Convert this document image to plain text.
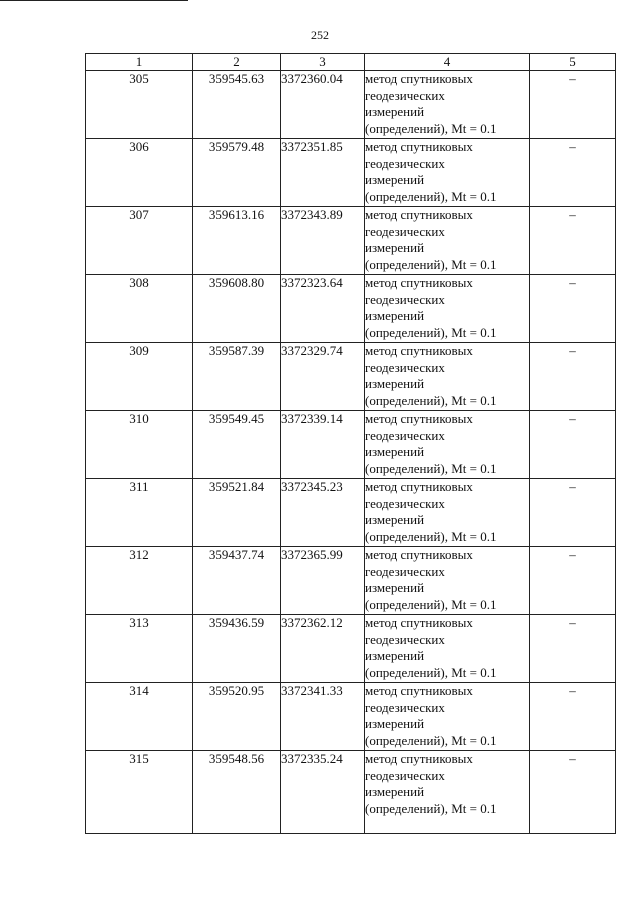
252
1	2	3	4	5
305	359545.63	3372360.04	метод спутниковых
геодезических
измерений
(определений), Mt = 0.1	–
306	359579.48	3372351.85	метод спутниковых
геодезических
измерений
(определений), Mt = 0.1	–
307	359613.16	3372343.89	метод спутниковых
геодезических
измерений
(определений), Mt = 0.1	–
308	359608.80	3372323.64	метод спутниковых
геодезических
измерений
(определений), Mt = 0.1	–
309	359587.39	3372329.74	метод спутниковых
геодезических
измерений
(определений), Mt = 0.1	–
310	359549.45	3372339.14	метод спутниковых
геодезических
измерений
(определений), Mt = 0.1	–
311	359521.84	3372345.23	метод спутниковых
геодезических
измерений
(определений), Mt = 0.1	–
312	359437.74	3372365.99	метод спутниковых
геодезических
измерений
(определений), Mt = 0.1	–
313	359436.59	3372362.12	метод спутниковых
геодезических
измерений
(определений), Mt = 0.1	–
314	359520.95	3372341.33	метод спутниковых
геодезических
измерений
(определений), Mt = 0.1	–
315	359548.56	3372335.24	метод спутниковых
геодезических
измерений
(определений), Mt = 0.1	–
